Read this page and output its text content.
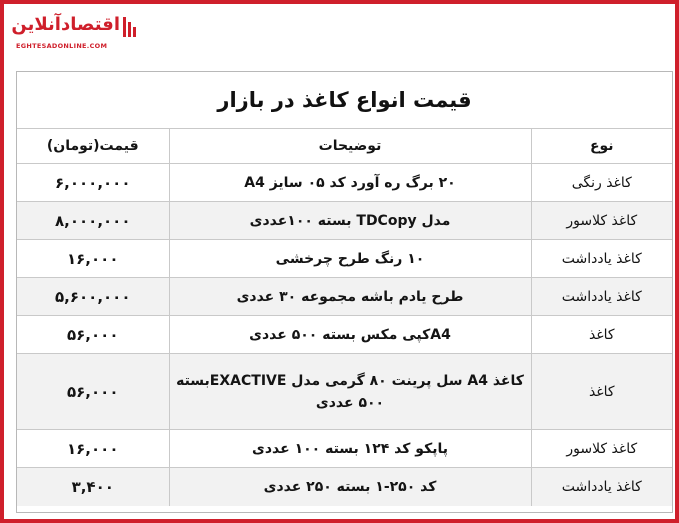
اقتصادآنلاین
EGHTESADONLINE.COM
قیمت انواع کاغذ در بازار
نوع	توضیحات	قیمت(تومان)
کاغذ رنگی	۲۰ برگ ره آورد کد ۰۵ سایز A4	۶,۰۰۰,۰۰۰
کاغذ کلاسور	مدل TDCopy بسته ۱۰۰عددی	۸,۰۰۰,۰۰۰
کاغذ یادداشت	۱۰ رنگ طرح چرخشی	۱۶,۰۰۰
کاغذ یادداشت	طرح یادم باشه مجموعه ۳۰ عددی	۵,۶۰۰,۰۰۰
کاغذ	A4کپی مکس بسته ۵۰۰ عددی	۵۶,۰۰۰
کاغذ	کاغذ A4 سل پرینت ۸۰ گرمی مدل EXACTIVEبسته ۵۰۰ عددی	۵۶,۰۰۰
کاغذ کلاسور	پاپکو کد ۱۲۴ بسته ۱۰۰ عددی	۱۶,۰۰۰
کاغذ یادداشت	کد ۲۵۰-۱ بسته ۲۵۰ عددی	۳,۴۰۰
